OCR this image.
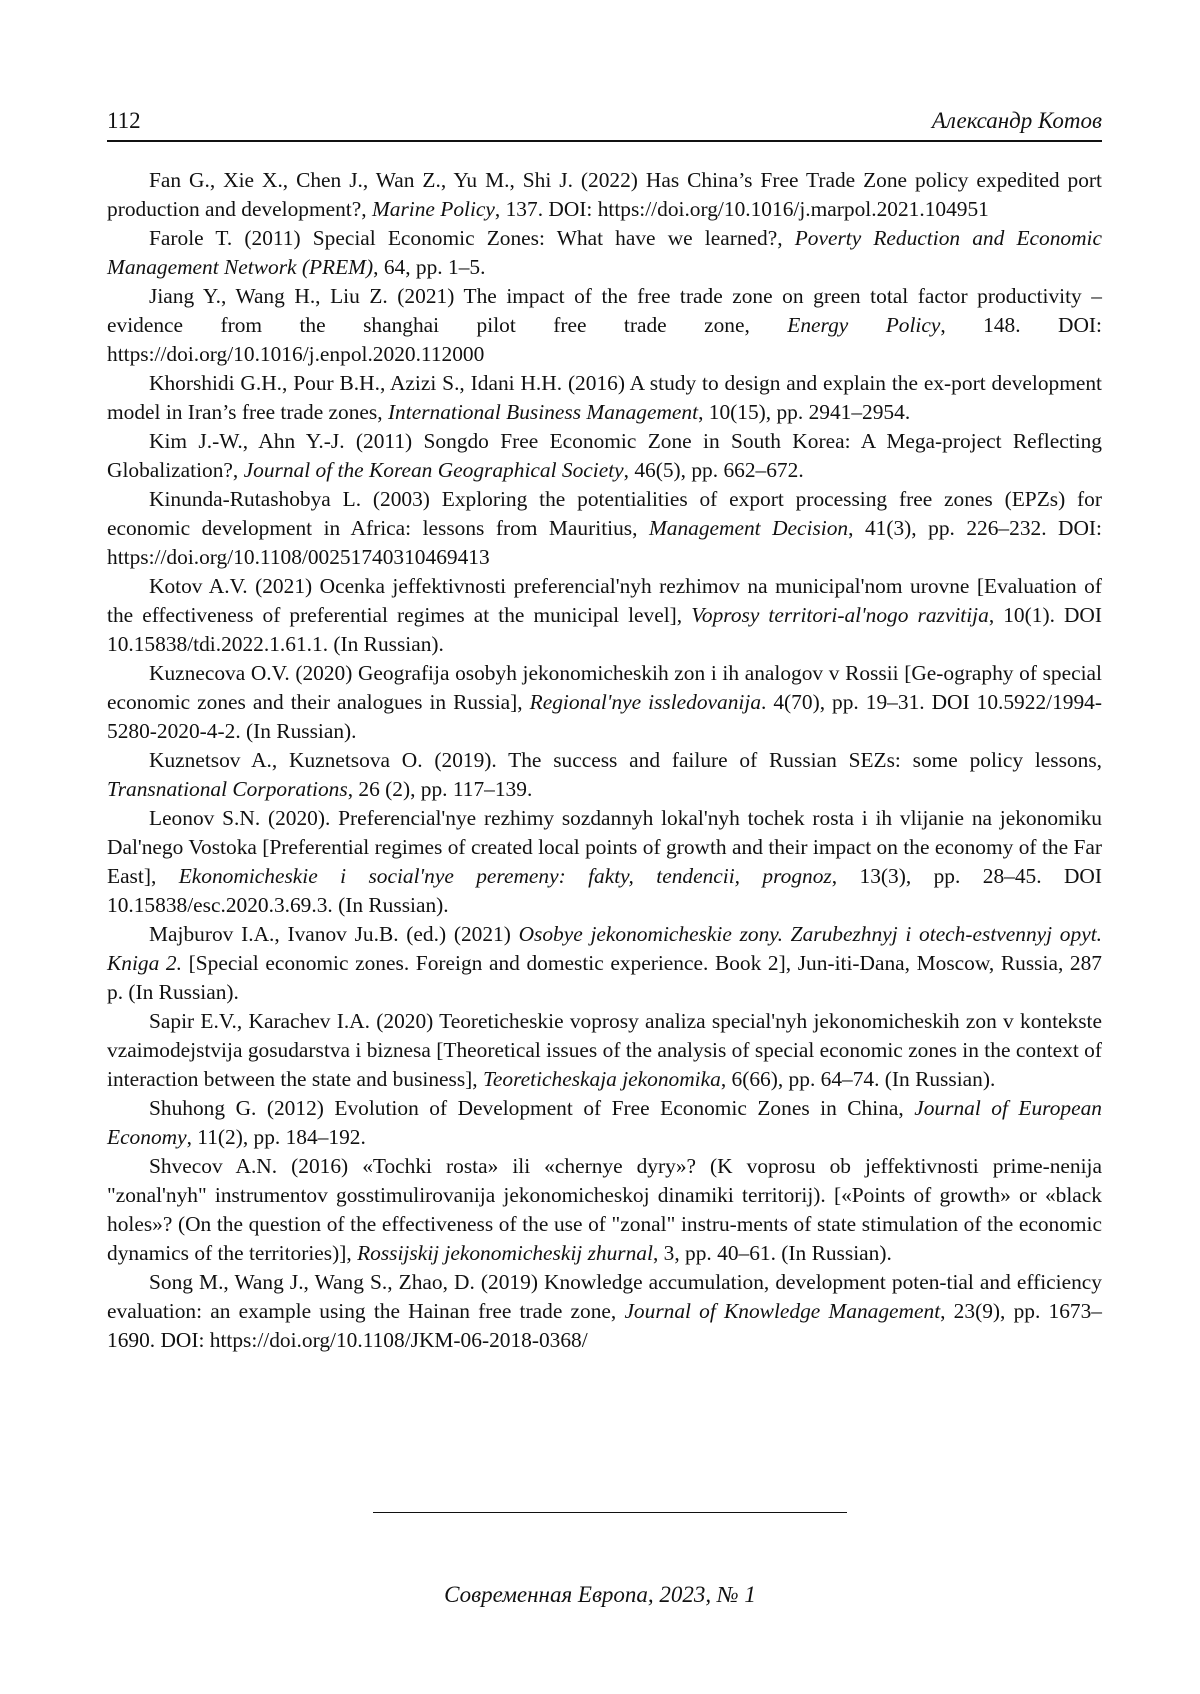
112	Александр Котов

Fan G., Xie X., Chen J., Wan Z., Yu M., Shi J. (2022) Has China’s Free Trade Zone policy expedited port production and development?, Marine Policy, 137. DOI: https://doi.org/10.1016/j.marpol.2021.104951

Farole T. (2011) Special Economic Zones: What have we learned?, Poverty Reduction and Economic Management Network (PREM), 64, pp. 1–5.

Jiang Y., Wang H., Liu Z. (2021) The impact of the free trade zone on green total factor productivity – evidence from the shanghai pilot free trade zone, Energy Policy, 148. DOI: https://doi.org/10.1016/j.enpol.2020.112000

Khorshidi G.H., Pour B.H., Azizi S., Idani H.H. (2016) A study to design and explain the ex-port development model in Iran’s free trade zones, International Business Management, 10(15), pp. 2941–2954.

Kim J.-W., Ahn Y.-J. (2011) Songdo Free Economic Zone in South Korea: A Mega-project Reflecting Globalization?, Journal of the Korean Geographical Society, 46(5), pp. 662–672.

Kinunda-Rutashobya L. (2003) Exploring the potentialities of export processing free zones (EPZs) for economic development in Africa: lessons from Mauritius, Management Decision, 41(3), pp. 226–232. DOI: https://doi.org/10.1108/00251740310469413

Kotov A.V. (2021) Ocenka jeffektivnosti preferencial'nyh rezhimov na municipal'nom urovne [Evaluation of the effectiveness of preferential regimes at the municipal level], Voprosy territori-al'nogo razvitija, 10(1). DOI 10.15838/tdi.2022.1.61.1. (In Russian).

Kuznecova O.V. (2020) Geografija osobyh jekonomicheskih zon i ih analogov v Rossii [Ge-ography of special economic zones and their analogues in Russia], Regional'nye issledovanija. 4(70), pp. 19–31. DOI 10.5922/1994-5280-2020-4-2. (In Russian).

Kuznetsov A., Kuznetsova O. (2019). The success and failure of Russian SEZs: some policy lessons, Transnational Corporations, 26 (2), pp. 117–139.

Leonov S.N. (2020). Preferencial'nye rezhimy sozdannyh lokal'nyh tochek rosta i ih vlijanie na jekonomiku Dal'nego Vostoka [Preferential regimes of created local points of growth and their impact on the economy of the Far East], Ekonomicheskie i social'nye peremeny: fakty, tendencii, prognoz, 13(3), pp. 28–45. DOI 10.15838/esc.2020.3.69.3. (In Russian).

Majburov I.A., Ivanov Ju.B. (ed.) (2021) Osobye jekonomicheskie zony. Zarubezhnyj i otech-estvennyj opyt. Kniga 2. [Special economic zones. Foreign and domestic experience. Book 2], Jun-iti-Dana, Moscow, Russia, 287 p. (In Russian).

Sapir E.V., Karachev I.A. (2020) Teoreticheskie voprosy analiza special'nyh jekonomicheskih zon v kontekste vzaimodejstvija gosudarstva i biznesa [Theoretical issues of the analysis of special economic zones in the context of interaction between the state and business], Teoreticheskaja jekonomika, 6(66), pp. 64–74. (In Russian).

Shuhong G. (2012) Evolution of Development of Free Economic Zones in China, Journal of European Economy, 11(2), pp. 184–192.

Shvecov A.N. (2016) «Tochki rosta» ili «chernye dyry»? (K voprosu ob jeffektivnosti prime-nenija "zonal'nyh" instrumentov gosstimulirovanija jekonomicheskoj dinamiki territorij). [«Points of growth» or «black holes»? (On the question of the effectiveness of the use of "zonal" instru-ments of state stimulation of the economic dynamics of the territories)], Rossijskij jekonomicheskij zhurnal, 3, pp. 40–61. (In Russian).

Song M., Wang J., Wang S., Zhao, D. (2019) Knowledge accumulation, development poten-tial and efficiency evaluation: an example using the Hainan free trade zone, Journal of Knowledge Management, 23(9), pp. 1673–1690. DOI: https://doi.org/10.1108/JKM-06-2018-0368/

Современная Европа, 2023, № 1
